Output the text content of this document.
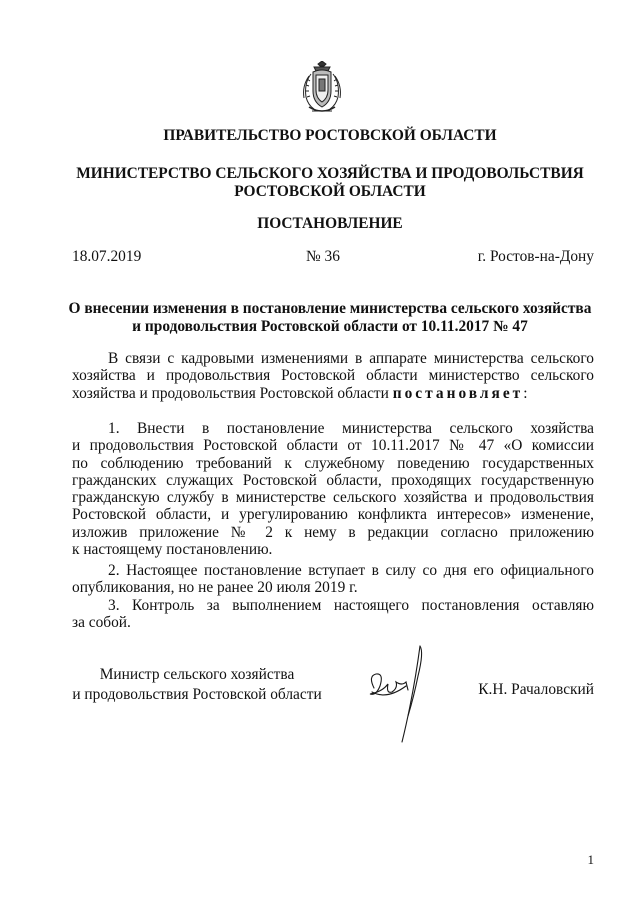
ПРАВИТЕЛЬСТВО РОСТОВСКОЙ ОБЛАСТИ
МИНИСТЕРСТВО СЕЛЬСКОГО ХОЗЯЙСТВА И ПРОДОВОЛЬСТВИЯ
РОСТОВСКОЙ ОБЛАСТИ
ПОСТАНОВЛЕНИЕ
18.07.2019	№ 36	г. Ростов-на-Дону
О внесении изменения в постановление министерства сельского хозяйства
и продовольствия Ростовской области от 10.11.2017 № 47
В связи с кадровыми изменениями в аппарате министерства сельского
хозяйства и продовольствия Ростовской области министерство сельского
хозяйства и продовольствия Ростовской области постановляет:
1. Внести в постановление министерства сельского хозяйства
и продовольствия Ростовской области от 10.11.2017 № 47 «О комиссии
по соблюдению требований к служебному поведению государственных
гражданских служащих Ростовской области, проходящих государственную
гражданскую службу в министерстве сельского хозяйства и продовольствия
Ростовской области, и урегулированию конфликта интересов» изменение,
изложив приложение № 2 к нему в редакции согласно приложению
к настоящему постановлению.
2. Настоящее постановление вступает в силу со дня его официального
опубликования, но не ранее 20 июля 2019 г.
3. Контроль за выполнением настоящего постановления оставляю
за собой.
Министр сельского хозяйства
и продовольствия Ростовской области	К.Н. Рачаловский
1
